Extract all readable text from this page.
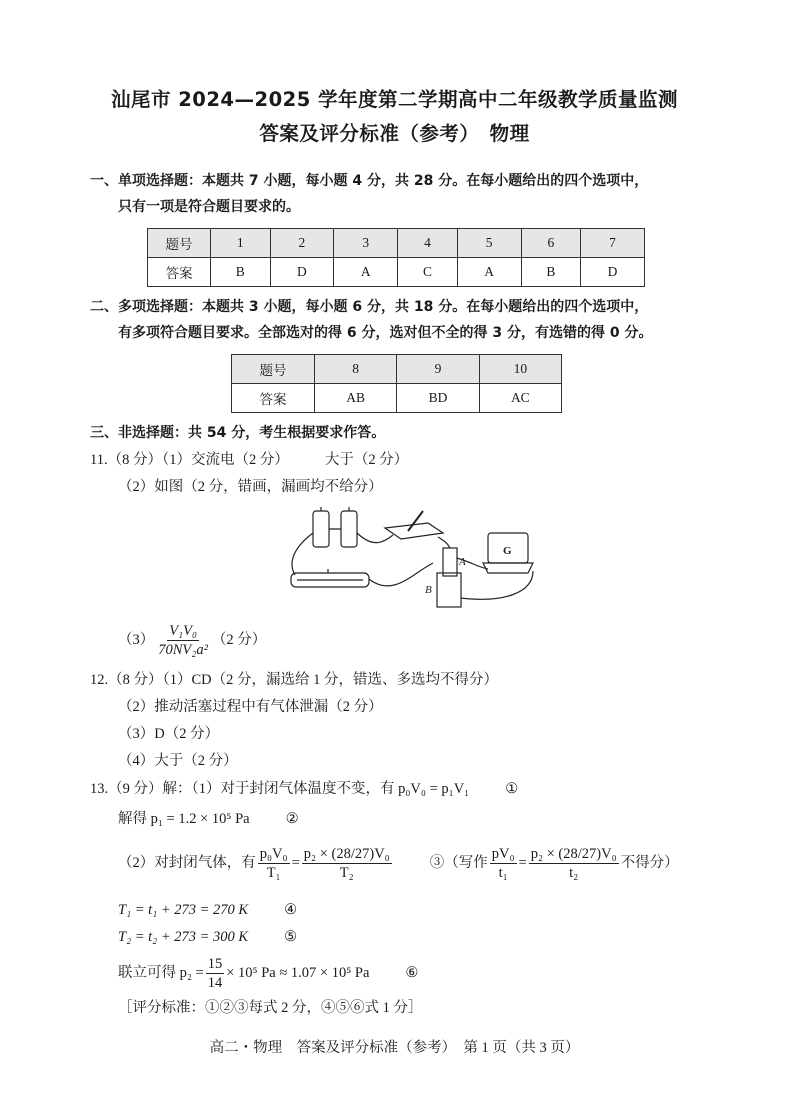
汕尾市 2024—2025 学年度第二学期高中二年级教学质量监测
答案及评分标准（参考）　物理
一、单项选择题：本题共 7 小题，每小题 4 分，共 28 分。在每小题给出的四个选项中，
只有一项是符合题目要求的。
题号	1	2	3	4	5	6	7
答案	B	D	A	C	A	B	D
二、多项选择题：本题共 3 小题，每小题 6 分，共 18 分。在每小题给出的四个选项中，
有多项符合题目要求。全部选对的得 6 分，选对但不全的得 3 分，有选错的得 0 分。
题号	8	9	10
答案	AB	BD	AC
三、非选择题：共 54 分，考生根据要求作答。
11.（8 分）（1）交流电（2 分） 大于（2 分）
（2）如图（2 分，错画，漏画均不给分）
A
B
G
$(3) \frac{\text{V₁V₀}}{\text{70NV₂a²}} (2$ 分）
12.（8 分）（1）CD（2 分，漏选给 1 分，错选、多选均不得分）
（2）推动活塞过程中有气体泄漏（2 分）
（3）D（2 分）
（4）大于（2 分）
13.（9 分）解：（1）对于封闭气体温度不变，有 p₀V₀ = p₁V₁ ①
解得 p₁ = 1.2 × 10⁵ Pa ②
（2）对封闭气体，有 $\frac{\text{p₀V₀}}{\text{T₁}} = \frac{\text{p₂ × (28/27)V₀}}{\text{T₂}}$	③（写作 $\frac{\text{pV₀}}{\text{t₁}} = \frac{\text{p₂ × (28/27)V₀}}{\text{t₂}}$ 不得分）
T₁ = t₁ + 273 = 270 K ④
T₂ = t₂ + 273 = 300 K ⑤
联立可得 $p_2 = \frac{15}{14} \times 10^5$ Pa ≈ 1.07 × 10⁵ Pa ⑥
［评分标准：①②③每式 2 分，④⑤⑥式 1 分］
高二・物理　答案及评分标准（参考）　第 1 页（共 3 页）
